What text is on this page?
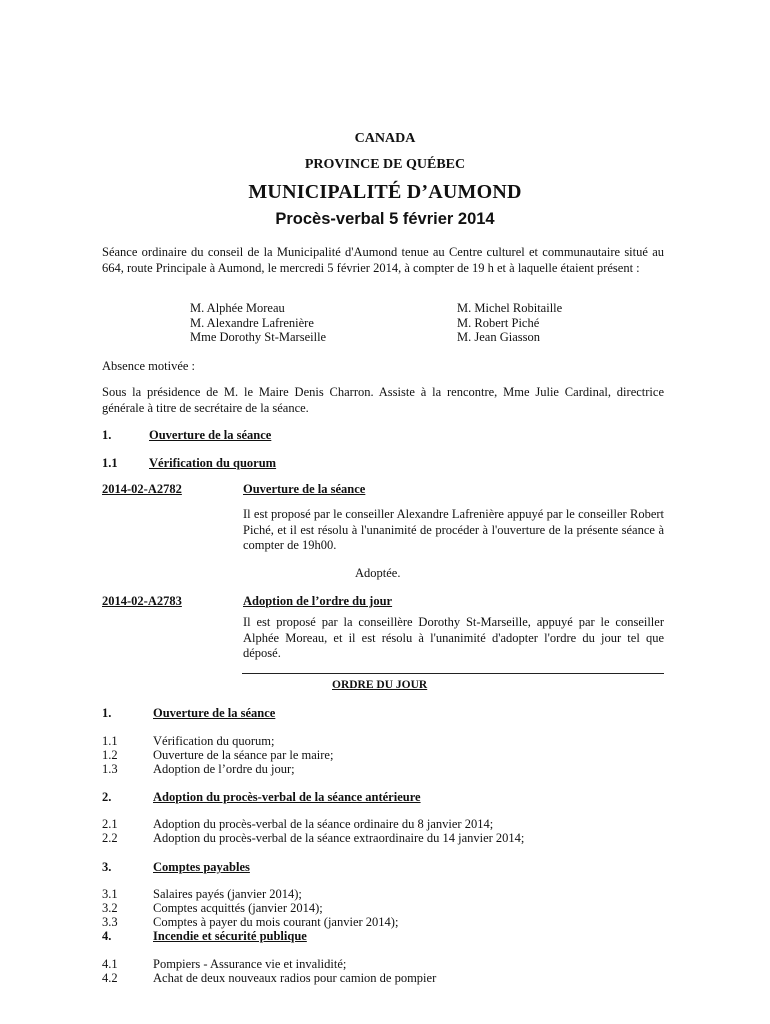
CANADA
PROVINCE DE QUÉBEC
MUNICIPALITÉ D’AUMOND
Procès-verbal 5 février 2014
Séance ordinaire du conseil de la Municipalité d'Aumond tenue au Centre culturel et communautaire situé au 664, route Principale à Aumond, le mercredi 5 février 2014, à compter de 19 h et à laquelle étaient présent :
M. Alphée Moreau
M. Alexandre Lafrenière
Mme Dorothy St-Marseille
M. Michel Robitaille
M. Robert Piché
M. Jean Giasson
Absence motivée :
Sous la présidence de M. le Maire Denis Charron. Assiste à la rencontre, Mme Julie Cardinal, directrice générale à titre de secrétaire de la séance.
1.	Ouverture de la séance
1.1	Vérification du quorum
2014-02-A2782	Ouverture de la séance
Il est proposé par le conseiller Alexandre Lafrenière appuyé par le conseiller Robert Piché, et il est résolu à l'unanimité de procéder à l'ouverture de la présente séance à compter de 19h00.
Adoptée.
2014-02-A2783	Adoption de l’ordre du jour
Il est proposé par la conseillère Dorothy St-Marseille, appuyé par le conseiller Alphée Moreau, et il est résolu à l'unanimité d'adopter l'ordre du jour tel que déposé.
ORDRE DU JOUR
1.	Ouverture de la séance
1.1	Vérification du quorum;
1.2	Ouverture de la séance par le maire;
1.3	Adoption de l’ordre du jour;
2.	Adoption du procès-verbal de la séance antérieure
2.1	Adoption du procès-verbal de la séance ordinaire du 8 janvier 2014;
2.2	Adoption du procès-verbal de la séance extraordinaire du 14 janvier 2014;
3.	Comptes payables
3.1	Salaires payés (janvier 2014);
3.2	Comptes acquittés (janvier 2014);
3.3	Comptes à payer du mois courant (janvier 2014);
4.	Incendie et sécurité publique
4.1	Pompiers - Assurance vie et invalidité;
4.2	Achat de deux nouveaux radios pour camion de pompier
